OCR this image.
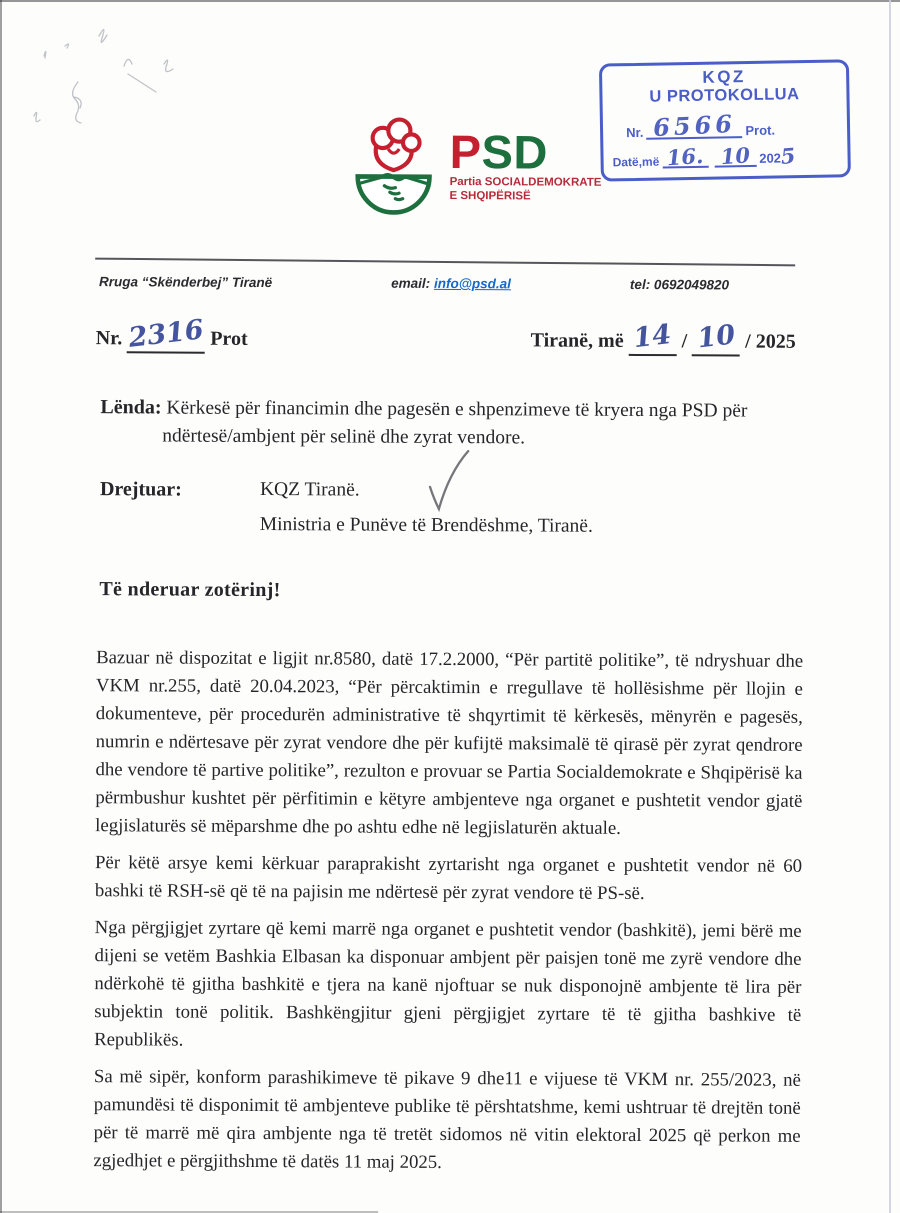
KQZ
U PROTOKOLLUA
Nr. 6566 Prot.
Datë,më 16. 10 202
5
PSD
Partia SOCIALDEMOKRATE
E SHQIPËRISË
Rruga “Skënderbej” Tiranë	email: info@psd.al	tel: 0692049820
Nr. 2316 Prot	Tiranë, më 14 / 10 / 2025
Lënda: Kërkesë për financimin dhe pagesën e shpenzimeve të kryera nga PSD për ndërtesë/ambjent për selinë dhe zyrat vendore.
Drejtuar:	KQZ Tiranë.
Ministria e Punëve të Brendëshme, Tiranë.
Të nderuar zotërinj!

Bazuar në dispozitat e ligjit nr.8580, datë 17.2.2000, “Për partitë politike”, të ndryshuar dhe VKM nr.255, datë 20.04.2023, “Për përcaktimin e rregullave të hollësishme për llojin e dokumenteve, për procedurën administrative të shqyrtimit të kërkesës, mënyrën e pagesës, numrin e ndërtesave për zyrat vendore dhe për kufijtë maksimalë të qirasë për zyrat qendrore dhe vendore të partive politike”, rezulton e provuar se Partia Socialdemokrate e Shqipërisë ka përmbushur kushtet për përfitimin e këtyre ambjenteve nga organet e pushtetit vendor gjatë legjislaturës së mëparshme dhe po ashtu edhe në legjislaturën aktuale.

Për këtë arsye kemi kërkuar paraprakisht zyrtarisht nga organet e pushtetit vendor në 60 bashki të RSH-së që të na pajisin me ndërtesë për zyrat vendore të PS-së.

Nga përgjigjet zyrtare që kemi marrë nga organet e pushtetit vendor (bashkitë), jemi bërë me dijeni se vetëm Bashkia Elbasan ka disponuar ambjent për paisjen tonë me zyrë vendore dhe ndërkohë të gjitha bashkitë e tjera na kanë njoftuar se nuk disponojnë ambjente të lira për subjektin tonë politik. Bashkëngjitur gjeni përgjigjet zyrtare të të gjitha bashkive të Republikës.

Sa më sipër, konform parashikimeve të pikave 9 dhe11 e vijuese të VKM nr. 255/2023, në pamundësi të disponimit të ambjenteve publike të përshtatshme, kemi ushtruar të drejtën tonë për të marrë më qira ambjente nga të tretët sidomos në vitin elektoral 2025 që perkon me zgjedhjet e përgjithshme të datës 11 maj 2025.
